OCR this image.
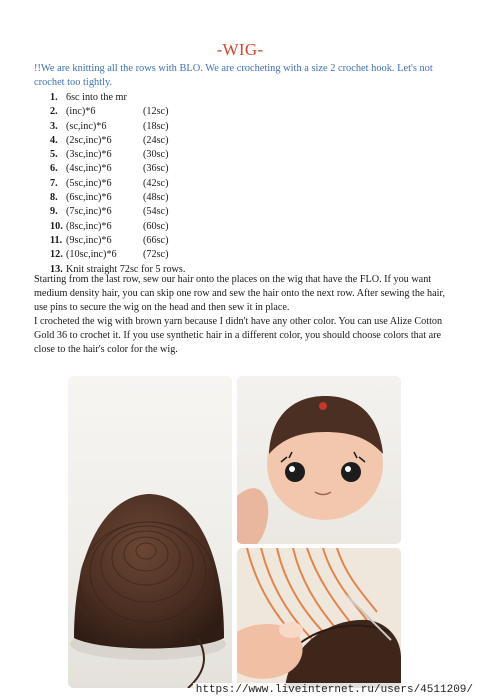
-WIG-
!!We are knitting all the rows with BLO. We are crocheting with a size 2 crochet hook. Let's not crochet too tightly.
1. 6sc into the mr
2. (inc)*6	(12sc)
3. (sc,inc)*6	(18sc)
4. (2sc,inc)*6	(24sc)
5. (3sc,inc)*6	(30sc)
6. (4sc,inc)*6	(36sc)
7. (5sc,inc)*6	(42sc)
8. (6sc,inc)*6	(48sc)
9. (7sc,inc)*6	(54sc)
10. (8sc,inc)*6	(60sc)
11. (9sc,inc)*6	(66sc)
12. (10sc,inc)*6	(72sc)
13. Knit straight 72sc for 5 rows.
Starting from the last row, sew our hair onto the places on the wig that have the FLO. If you want medium density hair, you can skip one row and sew the hair onto the next row. After sewing the hair, use pins to secure the wig on the head and then sew it in place.
I crocheted the wig with brown yarn because I didn't have any other color. You can use Alize Cotton Gold 36 to crochet it. If you use synthetic hair in a different color, you should choose colors that are close to the hair's color for the wig.
https://www.liveinternet.ru/users/4511209/
